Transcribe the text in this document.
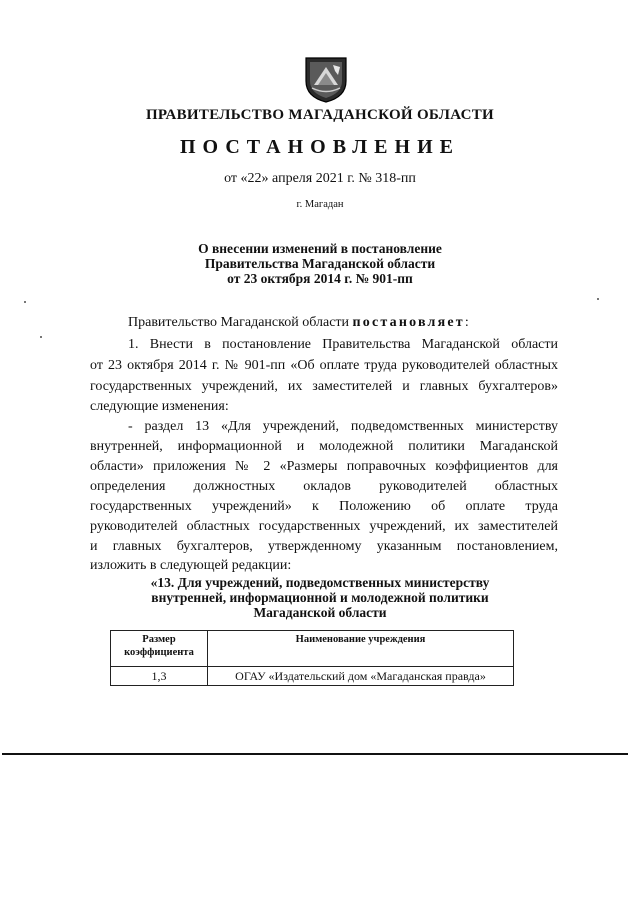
ПРАВИТЕЛЬСТВО МАГАДАНСКОЙ ОБЛАСТИ
ПОСТАНОВЛЕНИЕ
от «22» апреля 2021 г. № 318-пп
г. Магадан
О внесении изменений в постановление
Правительства Магаданской области
от 23 октября 2014 г. № 901-пп
Правительство Магаданской области постановляет:
1. Внести в постановление Правительства Магаданской области
от 23 октября 2014 г. № 901-пп «Об оплате труда руководителей областных
государственных учреждений, их заместителей и главных бухгалтеров»
следующие изменения:
- раздел 13 «Для учреждений, подведомственных министерству
внутренней, информационной и молодежной политики Магаданской
области» приложения № 2 «Размеры поправочных коэффициентов для
определения должностных окладов руководителей областных
государственных учреждений» к Положению об оплате труда
руководителей областных государственных учреждений, их заместителей
и главных бухгалтеров, утвержденному указанным постановлением,
изложить в следующей редакции:
«13. Для учреждений, подведомственных министерству
внутренней, информационной и молодежной политики
Магаданской области
Размер коэффициента	Наименование учреждения
1,3	ОГАУ «Издательский дом «Магаданская правда»
